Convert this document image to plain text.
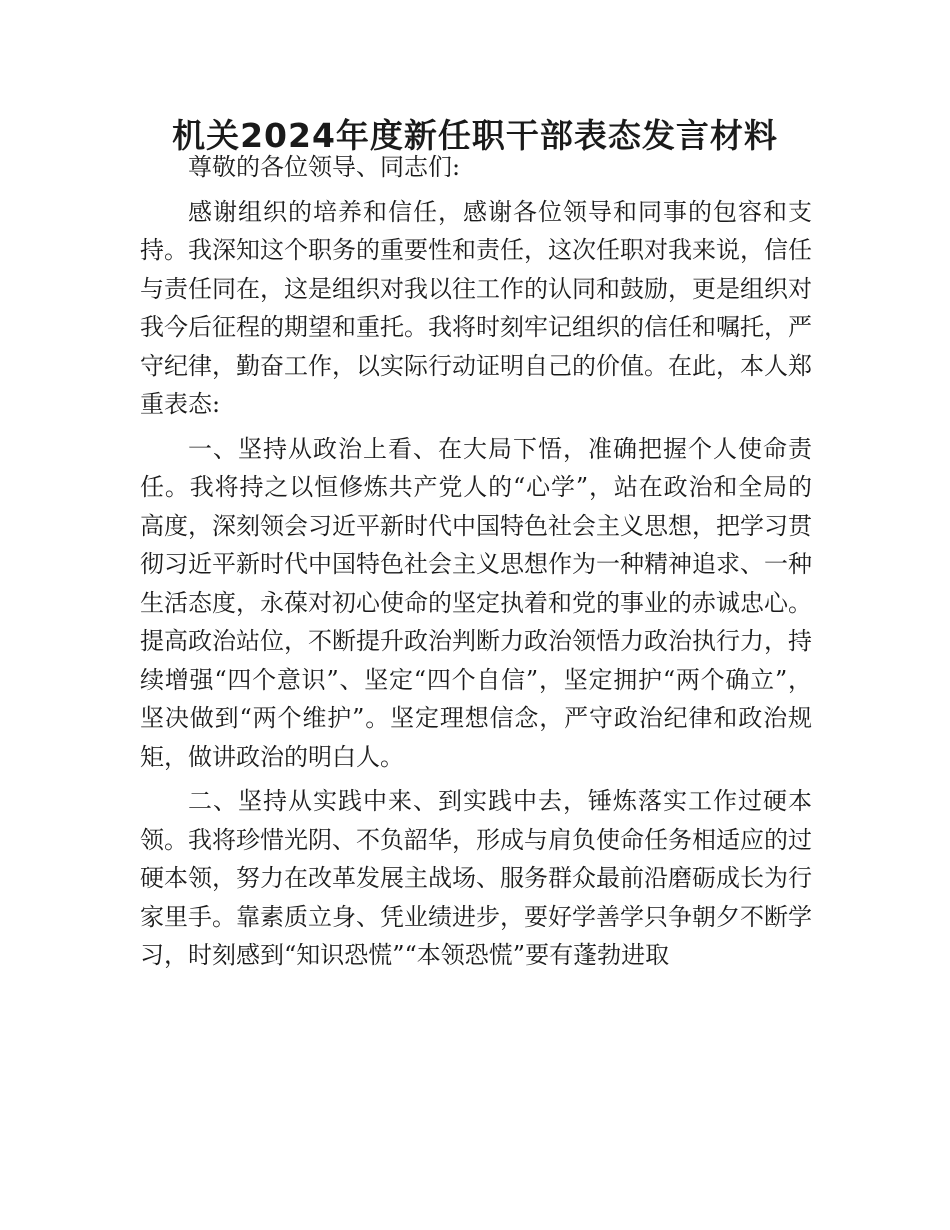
机关2024年度新任职干部表态发言材料

尊敬的各位领导、同志们:

感谢组织的培养和信任，感谢各位领导和同事的包容和支持。我深知这个职务的重要性和责任，这次任职对我来说，信任与责任同在，这是组织对我以往工作的认同和鼓励，更是组织对我今后征程的期望和重托。我将时刻牢记组织的信任和嘱托，严守纪律，勤奋工作，以实际行动证明自己的价值。在此，本人郑重表态:

一、坚持从政治上看、在大局下悟，准确把握个人使命责任。我将持之以恒修炼共产党人的“心学”，站在政治和全局的高度，深刻领会习近平新时代中国特色社会主义思想，把学习贯彻习近平新时代中国特色社会主义思想作为一种精神追求、一种生活态度，永葆对初心使命的坚定执着和党的事业的赤诚忠心。提高政治站位，不断提升政治判断力政治领悟力政治执行力，持续增强“四个意识”、坚定“四个自信”，坚定拥护“两个确立”，坚决做到“两个维护”。坚定理想信念，严守政治纪律和政治规矩，做讲政治的明白人。

二、坚持从实践中来、到实践中去，锤炼落实工作过硬本领。我将珍惜光阴、不负韶华，形成与肩负使命任务相适应的过硬本领，努力在改革发展主战场、服务群众最前沿磨砺成长为行家里手。靠素质立身、凭业绩进步，要好学善学只争朝夕不断学习，时刻感到“知识恐慌”“本领恐慌”要有蓬勃进取
